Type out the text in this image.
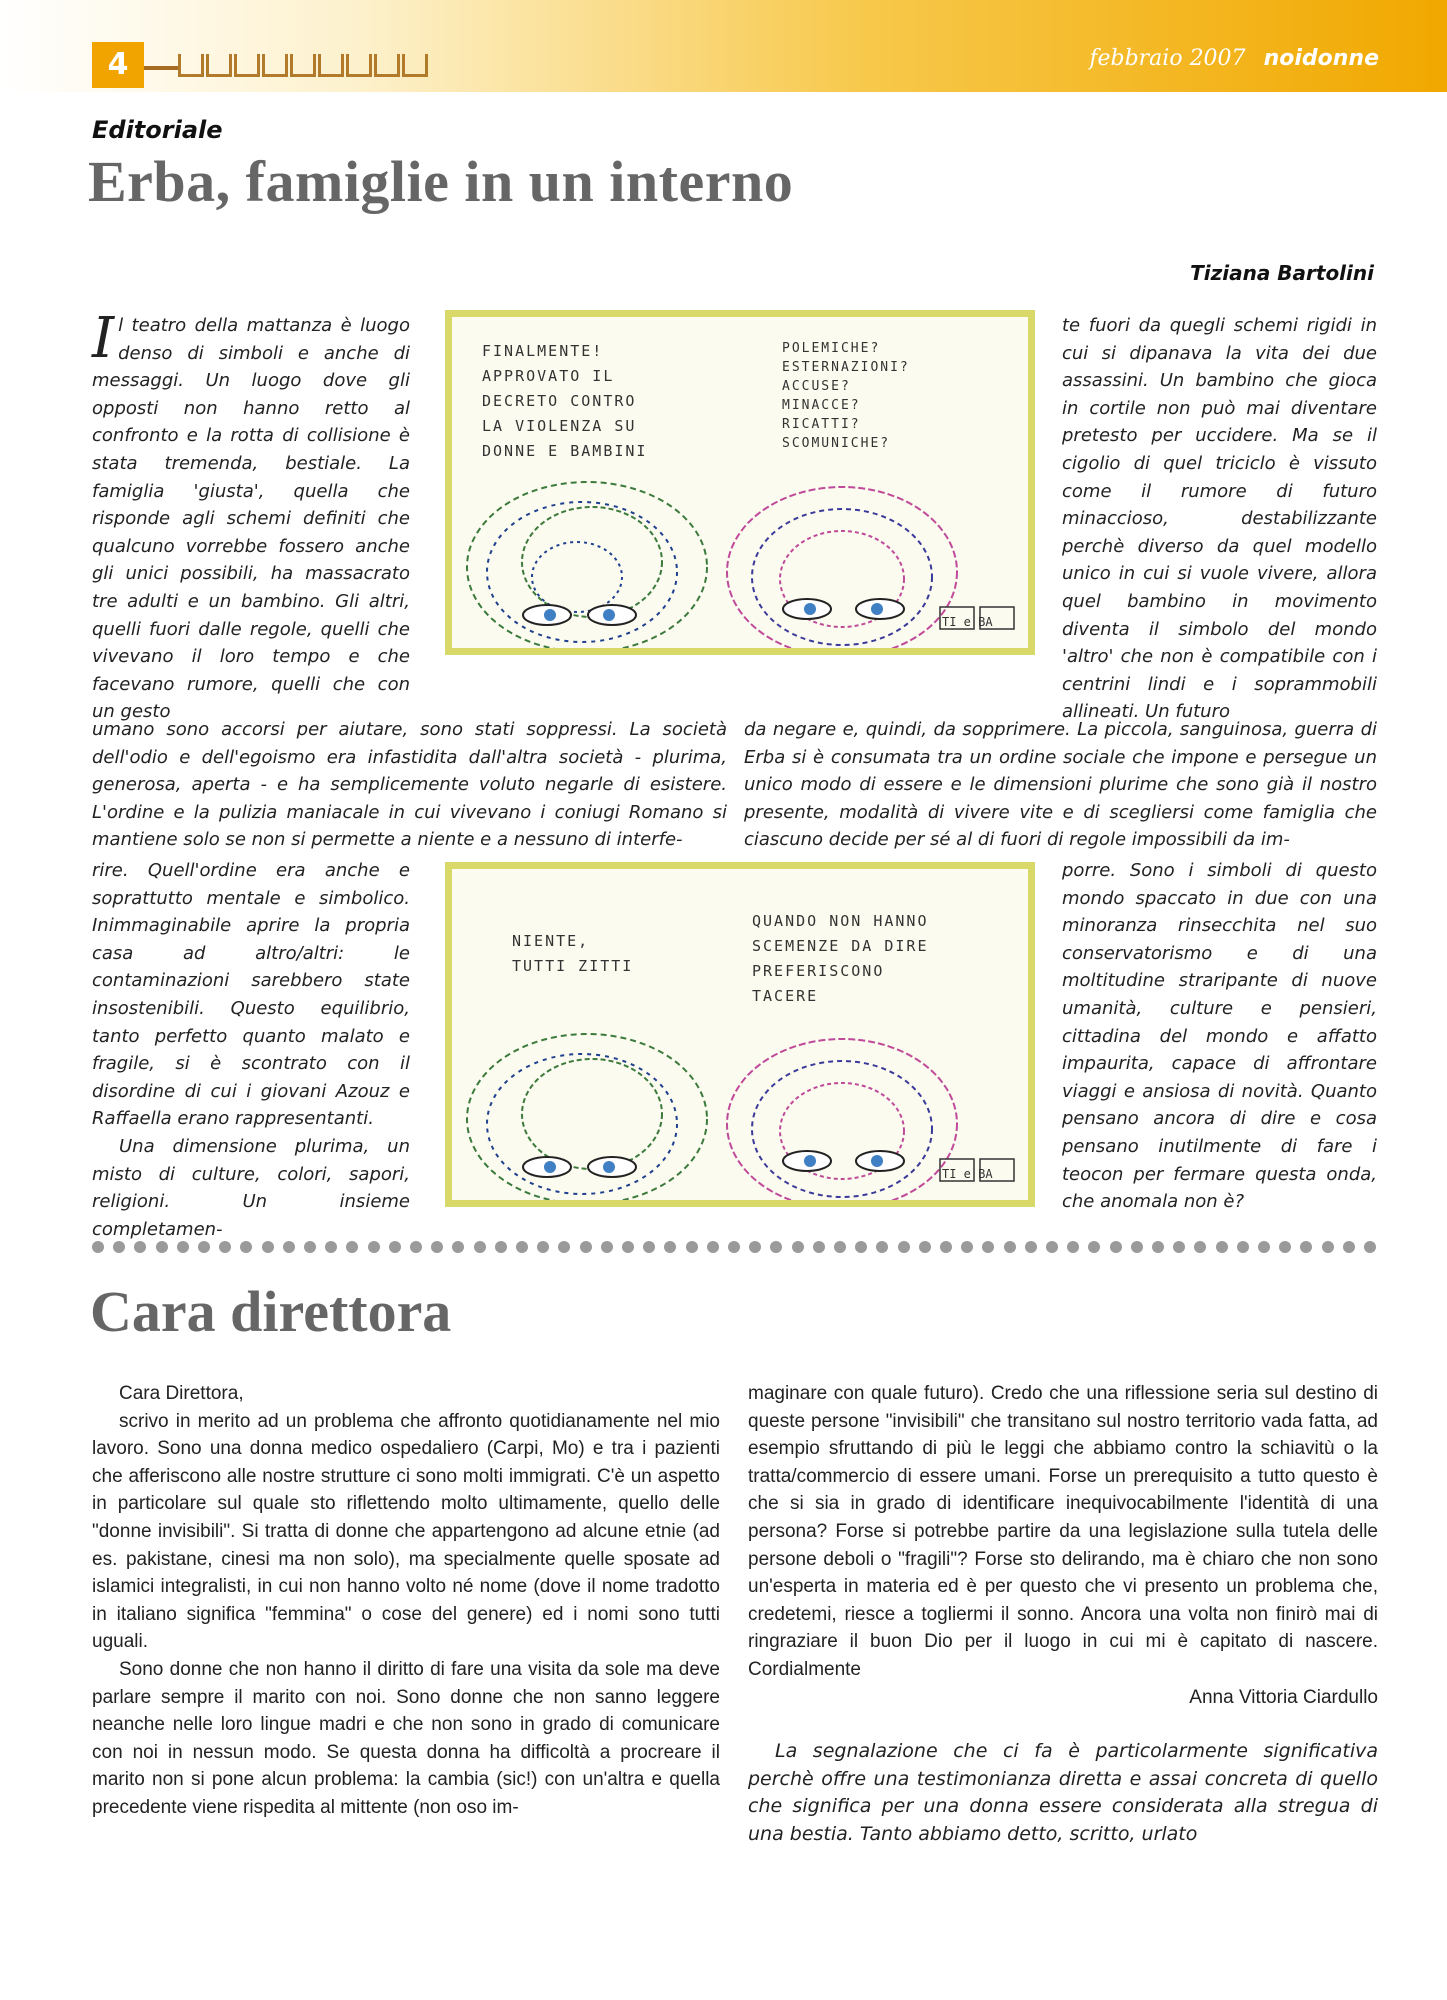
4	febbraio 2007 noidonne
Editoriale
Erba, famiglie in un interno
Tiziana Bartolini
Il teatro della mattanza è luogo denso di simboli e anche di messaggi. Un luogo dove gli opposti non hanno retto al confronto e la rotta di collisione è stata tremenda, bestiale. La famiglia 'giusta', quella che risponde agli schemi definiti che qualcuno vorrebbe fossero anche gli unici possibili, ha massacrato tre adulti e un bambino. Gli altri, quelli fuori dalle regole, quelli che vivevano il loro tempo e che facevano rumore, quelli che con un gesto
te fuori da quegli schemi rigidi in cui si dipanava la vita dei due assassini. Un bambino che gioca in cortile non può mai diventare pretesto per uccidere. Ma se il cigolio di quel triciclo è vissuto come il rumore di futuro minaccioso, destabilizzante perchè diverso da quel modello unico in cui si vuole vivere, allora quel bambino in movimento diventa il simbolo del mondo 'altro' che non è compatibile con i centrini lindi e i soprammobili allineati. Un futuro
umano sono accorsi per aiutare, sono stati soppressi. La società dell'odio e dell'egoismo era infastidita dall'altra società - plurima, generosa, aperta - e ha semplicemente voluto negarle di esistere. L'ordine e la pulizia maniacale in cui vivevano i coniugi Romano si mantiene solo se non si permette a niente e a nessuno di interfe-
da negare e, quindi, da sopprimere. La piccola, sanguinosa, guerra di Erba si è consumata tra un ordine sociale che impone e persegue un unico modo di essere e le dimensioni plurime che sono già il nostro presente, modalità di vivere vite e di scegliersi come famiglia che ciascuno decide per sé al di fuori di regole impossibili da im-

rire. Quell'ordine era anche e soprattutto mentale e simbolico. Inimmaginabile aprire la propria casa ad altro/altri: le contaminazioni sarebbero state insostenibili. Questo equilibrio, tanto perfetto quanto malato e fragile, si è scontrato con il disordine di cui i giovani Azouz e Raffaella erano rappresentanti.

Una dimensione plurima, un misto di culture, colori, sapori, religioni. Un insieme completamen-

porre. Sono i simboli di questo mondo spaccato in due con una minoranza rinsecchita nel suo conservatorismo e di una moltitudine straripante di nuove umanità, culture e pensieri, cittadina del mondo e affatto impaurita, capace di affrontare viaggi e ansiosa di novità. Quanto pensano ancora di dire e cosa pensano inutilmente di fare i teocon per fermare questa onda, che anomala non è?
FINALMENTE!
APPROVATO IL
DECRETO CONTRO
LA VIOLENZA SU
DONNE E BAMBINI
POLEMICHE?
ESTERNAZIONI?
ACCUSE?
MINACCE?
RICATTI?
SCOMUNICHE?
TI e BA
NIENTE,
TUTTI ZITTI
QUANDO NON HANNO
SCEMENZE DA DIRE
PREFERISCONO
TACERE
TI e BA
Cara direttora

Cara Direttora,

scrivo in merito ad un problema che affronto quotidianamente nel mio lavoro. Sono una donna medico ospedaliero (Carpi, Mo) e tra i pazienti che afferiscono alle nostre strutture ci sono molti immigrati. C'è un aspetto in particolare sul quale sto riflettendo molto ultimamente, quello delle "donne invisibili". Si tratta di donne che appartengono ad alcune etnie (ad es. pakistane, cinesi ma non solo), ma specialmente quelle sposate ad islamici integralisti, in cui non hanno volto né nome (dove il nome tradotto in italiano significa "femmina" o cose del genere) ed i nomi sono tutti uguali.

Sono donne che non hanno il diritto di fare una visita da sole ma deve parlare sempre il marito con noi. Sono donne che non sanno leggere neanche nelle loro lingue madri e che non sono in grado di comunicare con noi in nessun modo. Se questa donna ha difficoltà a procreare il marito non si pone alcun problema: la cambia (sic!) con un'altra e quella precedente viene rispedita al mittente (non oso im-

maginare con quale futuro). Credo che una riflessione seria sul destino di queste persone "invisibili" che transitano sul nostro territorio vada fatta, ad esempio sfruttando di più le leggi che abbiamo contro la schiavitù o la tratta/commercio di essere umani. Forse un prerequisito a tutto questo è che si sia in grado di identificare inequivocabilmente l'identità di una persona? Forse si potrebbe partire da una legislazione sulla tutela delle persone deboli o "fragili"? Forse sto delirando, ma è chiaro che non sono un'esperta in materia ed è per questo che vi presento un problema che, credetemi, riesce a togliermi il sonno. Ancora una volta non finirò mai di ringraziare il buon Dio per il luogo in cui mi è capitato di nascere. Cordialmente

Anna Vittoria Ciardullo

La segnalazione che ci fa è particolarmente significativa perchè offre una testimonianza diretta e assai concreta di quello che significa per una donna essere considerata alla stregua di una bestia. Tanto abbiamo detto, scritto, urlato
